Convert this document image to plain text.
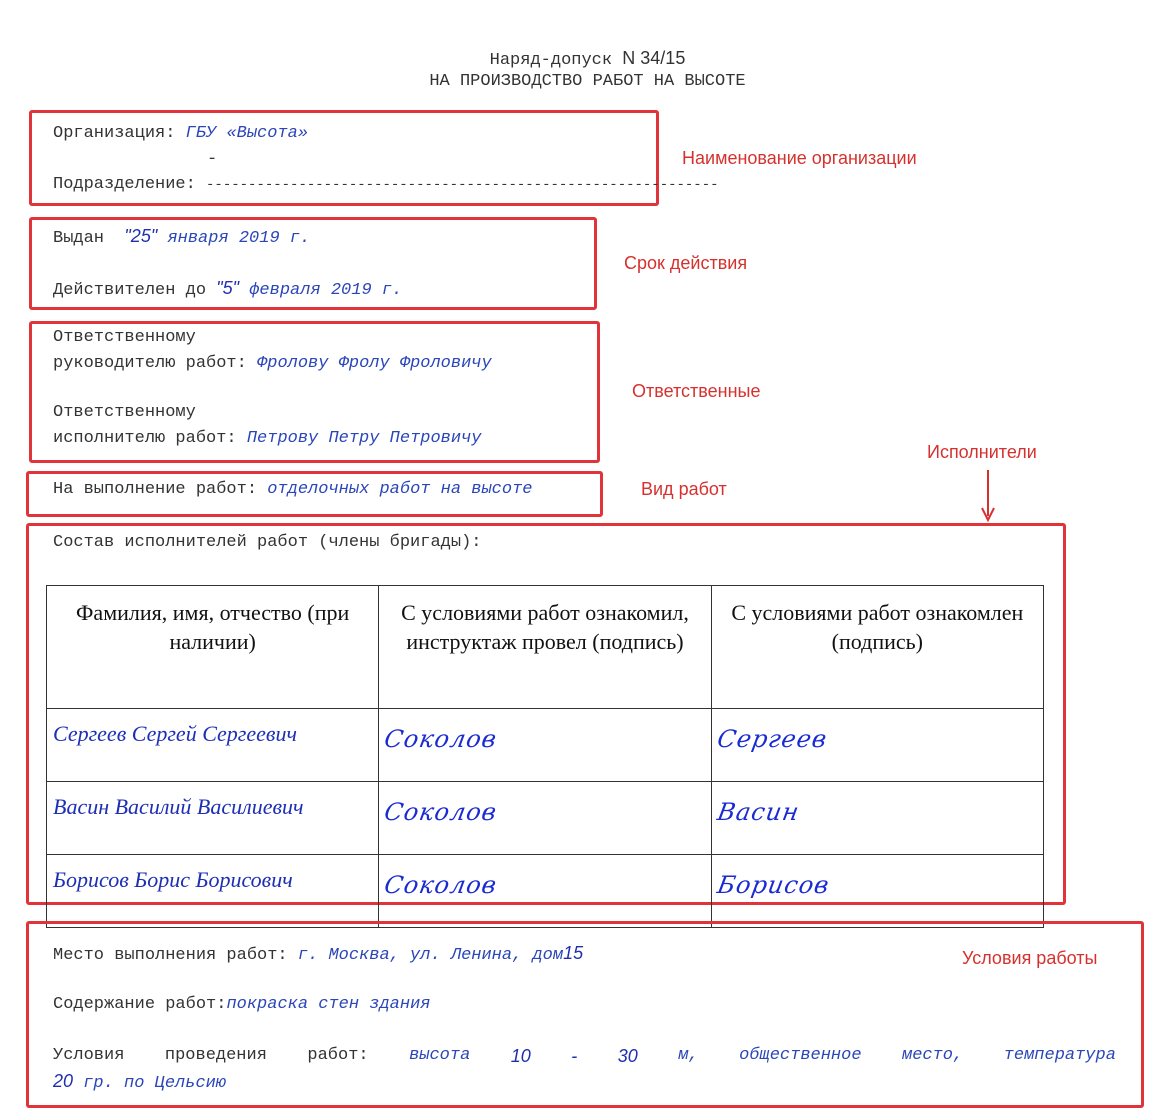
Наряд-допуск N 34/15
НА ПРОИЗВОДСТВО РАБОТ НА ВЫСОТЕ
Организация: ГБУ «Высота»
-
Подразделение: -------------------------------------------------------------
Наименование организации
Выдан "25" января 2019 г.
Действителен до "5" февраля 2019 г.
Срок действия
Ответственному
руководителю работ: Фролову Фролу Фроловичу
Ответственному
исполнителю работ: Петрову Петру Петровичу
Ответственные
На выполнение работ: отделочных работ на высоте	Вид работ
Исполнители
Состав исполнителей работ (члены бригады):
Фамилия, имя, отчество (при наличии)	С условиями работ ознакомил, инструктаж провел (подпись)	С условиями работ ознакомлен (подпись)
Сергеев Сергей Сергеевич	Соколов	Сергеев
Васин Василий Василиевич	Соколов	Васин
Борисов Борис Борисович	Соколов	Борисов
Условия работы
Место выполнения работ: г. Москва, ул. Ленина, дом15
Содержание работ:покраска стен здания
Условия проведения работ: высота 10 - 30 м, общественное место, температура
20 гр. по Цельсию
